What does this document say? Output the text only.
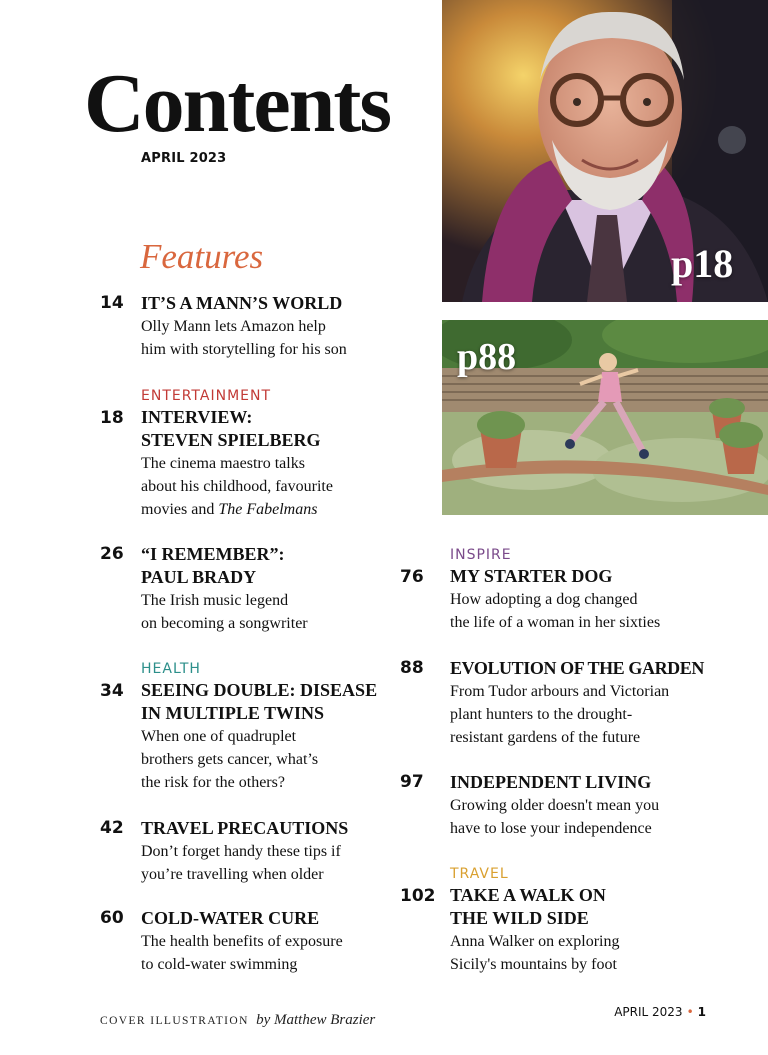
Contents
APRIL 2023
Features	p18
p88
14 IT’S A MANN’S WORLD
Olly Mann lets Amazon help
him with storytelling for his son
ENTERTAINMENT
INTERVIEW:
STEVEN SPIELBERG
The cinema maestro talks
about his childhood, favourite
movies and The Fabelmans
18
26 “I REMEMBER”:
PAUL BRADY
The Irish music legend
on becoming a songwriter
HEALTH
SEEING DOUBLE: DISEASE
IN MULTIPLE TWINS
When one of quadruplet
brothers gets cancer, what’s
the risk for the others?
34
42 TRAVEL PRECAUTIONS
Don’t forget handy these tips if
you’re travelling when older
60 COLD-WATER CURE
The health benefits of exposure
to cold-water swimming
INSPIRE
MY STARTER DOG
How adopting a dog changed
the life of a woman in her sixties
76
88 EVOLUTION OF THE GARDEN
From Tudor arbours and Victorian
plant hunters to the drought-
resistant gardens of the future
97 INDEPENDENT LIVING
Growing older doesn't mean you
have to lose your independence
TRAVEL
TAKE A WALK ON
THE WILD SIDE
Anna Walker on exploring
Sicily's mountains by foot
102
COVER ILLUSTRATION by Matthew Brazier	APRIL 2023 • 1
